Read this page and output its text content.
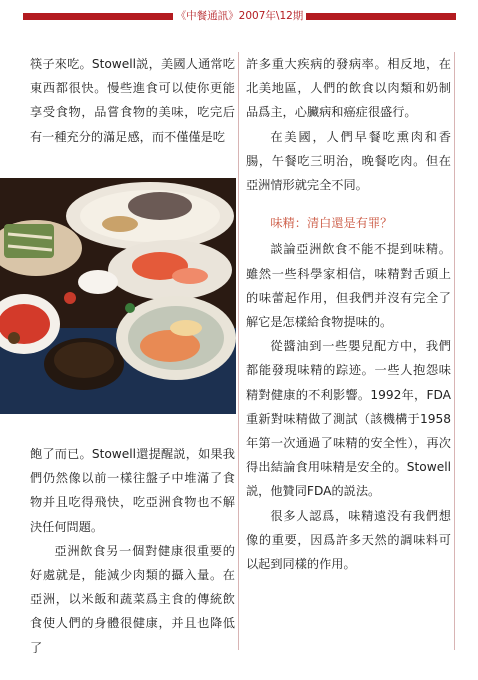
《中餐通訊》2007年\12期

筷子來吃。Stowell説，美國人通常吃東西都很快。慢些進食可以使你更能享受食物，品嘗食物的美味，吃完后有一種充分的滿足感，而不僅僅是吃

飽了而已。Stowell還提醒説，如果我們仍然像以前一樣往盤子中堆滿了食物并且吃得飛快，吃亞洲食物也不解決任何問題。

亞洲飲食另一個對健康很重要的好處就是，能減少肉類的攝入量。在亞洲，以米飯和蔬菜爲主食的傳統飲食使人們的身體很健康，并且也降低了

許多重大疾病的發病率。相反地，在北美地區，人們的飲食以肉類和奶制品爲主，心臟病和癌症很盛行。

在美國，人們早餐吃熏肉和香腸，午餐吃三明治，晚餐吃肉。但在亞洲情形就完全不同。

味精：清白還是有罪？

談論亞洲飲食不能不提到味精。雖然一些科學家相信，味精對舌頭上的味蕾起作用，但我們并沒有完全了解它是怎樣給食物提味的。

從醬油到一些嬰兒配方中，我們都能發現味精的踪迹。一些人抱怨味精對健康的不利影響。1992年，FDA重新對味精做了測試（該機構于1958年第一次通過了味精的安全性），再次得出結論食用味精是安全的。Stowell説，他贊同FDA的説法。

很多人認爲，味精遠没有我們想像的重要，因爲許多天然的調味料可以起到同樣的作用。
